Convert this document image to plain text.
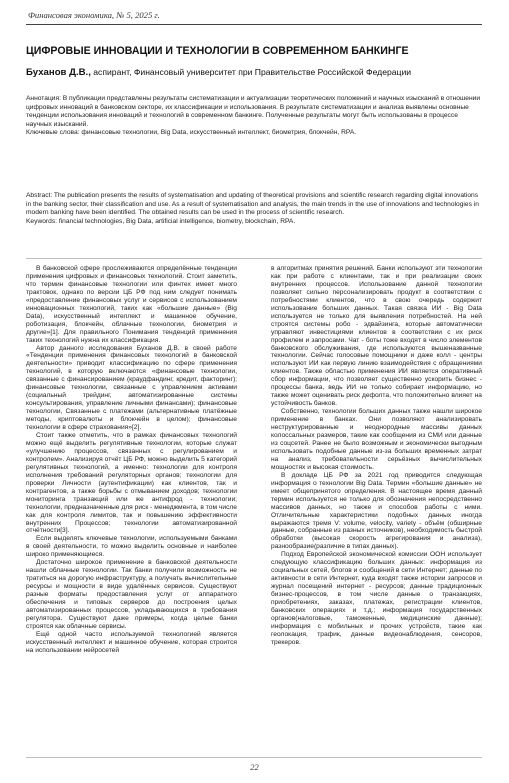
Финансовая экономика, № 5, 2025 г.
ЦИФРОВЫЕ ИННОВАЦИИ И ТЕХНОЛОГИИ В СОВРЕМЕННОМ БАНКИНГЕ

Буханов Д.В., аспирант, Финансовый университет при Правительстве Российской Федерации

Аннотация: В публикации представлены результаты систематизации и актуализации теоретических положений и научных изысканий в отношении цифровых инноваций в банковском секторе, их классификации и использования. В результате систематизации и анализа выявлены основные тенденции использования инноваций и технологий в современном банкинге. Полученные результаты могут быть использованы в процессе научных изысканий.

Ключевые слова: финансовые технологии, Big Data, искусственный интеллект, биометрия, блокчейн, RPA.

Abstract: The publication presents the results of systematisation and updating of theoretical provisions and scientific research regarding digital innovations in the banking sector, their classification and use. As a result of systematisation and analysis, the main trends in the use of innovations and technologies in modern banking have been identified. The obtained results can be used in the process of scientific research.

Keywords: financial technologies, Big Data, artificial intelligence, biometry, blockchain, RPA.

В банковской сфере прослеживаются определённые тенденции применения цифровых и финансовых технологий. Стоит заметить, что термин финансовые технологии или финтех имеет много трактовок, однако по версии ЦБ РФ под ним следует понимать «предоставление финансовых услуг и сервисов с использованием инновационных технологий, таких как «большие данные» (Big Data), искусственный интеллект и машинное обучение, роботизация, блокчейн, облачные технологии, биометрия и другие»[1]. Для правильного Понимания тенденций применения таких технологий нужна их классификация.

Автор данного исследования Буханов Д.В. в своей работе «Тенденции применения финансовых технологий в банковской деятельности» приводит классификацию по сфере применения технологий, в которую включаются «финансовые технологии, связанные с финансированием (краудфандинг, кредит, факторинг); финансовые технологии, связанные с управлением активами (социальный трейдинг, автоматизированные системы консультирования, управление личными финансами); финансовые технологии, Связанные с платежами (альтернативные платёжные методы, криптовалюты и блокчейн в целом); финансовые технологии в сфере страхования»[2].

Стоит также отметить, что в рамках финансовых технологий можно ещё выделить регулятивные технологии, которые служат «улучшению процессов, связанных с регулированием и контролем». Анализируя отчёт ЦБ РФ, можно выделить 5 категорий регулятивных технологий, а именно: технологии для контроля исполнения требований регуляторных органов; технологии для проверки Личности (аутентификации) как клиентов, так и контрагентов, а также борьбы с отмыванием доходов; технологии мониторинга транзакций или же антифрод - технологии; технологии, предназначенные для риск - менеджмента, в том числе как для контроля лимитов, так и повышению эффективности внутренних Процессов; технологии автоматизированной отчётности[3].

Если выделять ключевые технологии, используемыми банками в своей деятельности, то можно выделить основные и наиболее широко применяющиеся.

Достаточно широкое применение в банковской деятельности нашли облачные технологии. Так банки получили возможность не тратиться на дорогую инфраструктуру, а получать вычислительные ресурсы и мощности в виде удалённых сервисов. Существуют разные форматы предоставления услуг от аппаратного обеспечения и типовых серверов до построения целых автоматизированных процессов, укладывающихся в требования регулятора. Существуют даже примеры, когда целые банки строятся как облачные сервисы.

Ещё одной часто используемой технологией является искусственный интеллект и машинное обучение, которая строится на использовании нейросетей

в алгоритмах принятия решений. Банки используют эти технологии как при работе с клиентами, так и при реализации своих внутренних процессов. Использование данной технологии позволяет сильно персонализировать продукт в соответствии с потребностями клиентов, что в свою очередь содержит использование больших данных. Такая связка ИИ - Big Data используется не только для выявления потребностей. На ней строятся системы робо - эдвайзинга, которые автоматически управляют инвестициями клиентов в соответствии с их риск профилем и запросами. Чат - боты тоже входят в число элементов банковского обслуживания, где используются вышеназванные технологии. Сейчас голосовые помощники и даже колл - центры используют ИИ как первую линию взаимодействия с обращениями клиентов. Также областью применения ИИ является оперативный сбор информации, что позволяет существенно ускорить бизнес - процессы банка, ведь ИИ не только собирает информацию, но также может оценивать риск дефолта, что положительно влияет на устойчивость банков.

Собственно, технологии больших данных также нашли широкое применение в банках. Они позволяют анализировать неструктурированные и неоднородные массивы данных колоссальных размеров, такие как сообщения из СМИ или данные из соцсетей. Ранее не было возможным и экономически выгодным использовать подобные данные из-за больших временных затрат на анализ, требовательности серьёзных вычислительных мощностях и высокая стоимость.

В докладе ЦБ РФ за 2021 год приводится следующая информация о технологии Big Data. Термин «большие данные» не имеет общепринятого определения. В настоящее время данный термин используется не только для обозначения непосредственно массивов данных, но также и способов работы с ними. Отличительные характеристики подобных данных иногда выражаются тремя V: volume, velocity, variety - объём (обширные данные, собранные из разных источников), необходимость быстрой обработки (высокая скорость агрегирования и анализа), разнообразие(различие в типах данных).

Подход Европейской экономической комиссии ООН использует следующую классификацию больших данных: информация из социальных сетей, блогов и сообщений в сети Интернет; данные по активности в сети Интернет, куда входят также истории запросов и журнал посещений интернет - ресурсов; данные традиционных бизнес-процессов, в том числе данные о транзакциях, приобретениях, заказах, платежах, регистрации клиентов, банковских операциях и т.д.; информация государственных органов(налоговые, таможенные, медицинские данные); информация с мобильных и прочих устройств, такие как геолокация, трафик, данные видеонаблюдения, сенсоров, трекеров.

22
